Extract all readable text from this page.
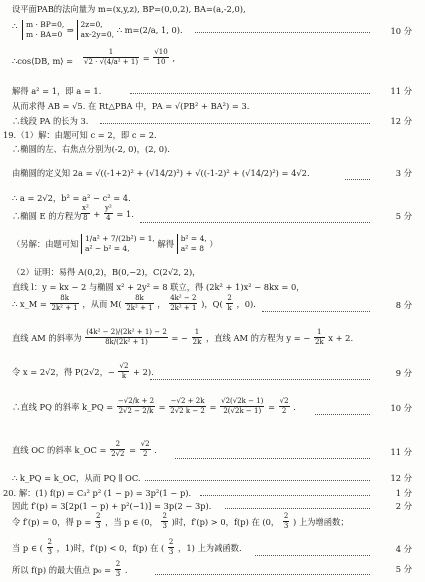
设平面PAB的法向量为 m=(x,y,z), BP=(0,0,2), BA=(a,-2,0),
∴ m · BP=0,
m · BA=0 ⇒
2z=0,
ax-2y=0, ∴ m=(2/a, 1, 0).	10 分
∴cos⟨DB, m⟩ = $\frac{1}{\text{√2 · √(4/a² + 1)}} = \frac{√10}{10}$ ,
解得 a² = 1，即 a = 1.	11 分
从而求得 AB = √5. 在 Rt△PBA 中，PA = √(PB² + BA²) = 3.
∴线段 PA 的长为 3.	12 分
19.（1）解：由题可知 c = 2，即 c = 2.
∴椭圆的左、右焦点分别为(-2, 0)，(2, 0).
由椭圆的定义知 2a = √((-1+2)² + (√14/2)²) + √((-1-2)² + (√14/2)²) = 4√2.	3 分
∴ a = 2√2，b² = a² − c² = 4.
∴椭圆 E 的方程为 $\frac{\text{x²}}{8} + \frac{\text{y²}}{4} = 1$.	5 分
（另解：由题可知
1/a² + 7/(2b²) = 1,
a² − b² = 4,	解得
b² = 4,
a² = 8 ）
（2）证明：易得 A(0,2)，B(0,−2)，C(2√2, 2)，
直线 l：y = kx − 2 与椭圆 x² + 2y² = 8 联立，得 (2k² + 1)x² − 8kx = 0，
∴ x_M = $\frac{8k}{\text{2k² + 1}}$ ，从而 $M( \frac{8k}{\text{2k² + 1}}$ ， $\frac{\text{4k² − 2}}{\text{2k² + 1}}$ )，$Q( \frac{2}{k}$ ，0).	8 分
直线 AM 的斜率为 $\frac{\text{(4k² − 2)/(2k² + 1) − 2}}{\text{8k/(2k² + 1)}}$ = − $\frac{1}{2k}$ ，直线 AM 的方程为 y = − $\frac{1}{2k}$ x + 2.
令 x = 2√2，得 P(2√2，− $\frac{√2}{k} + 2$).	9 分
∴直线 PQ 的斜率 k_PQ = $\frac{-√2/k + 2}{2√2 - 2/k} = \frac{-√2 + 2k}{2√2 k - 2} = \frac{√2(√2k - 1)}{2(√2k - 1)} = \frac{√2}{2}$ .	10 分
直线 OC 的斜率 k_OC = $\frac{2}{2√2} = \frac{√2}{2}$ .	11 分
∴ k_PQ = k_OC，从而 PQ ∥ OC.	12 分
20. 解：(1) f(p) = C₃² p² (1 − p) = 3p²(1 − p).	1 分
因此 f′(p) = 3[2p(1 − p) + p²(−1)] = 3p(2 − 3p).	2 分
令 f′(p) = 0，得 $p = \frac{2}{3}$ ，当 p ∈ (0， $\frac{2}{3}$ )时，f′(p) > 0，f(p) 在 (0， $\frac{2}{3}$ ) 上为增函数；
当 p ∈ ( $\frac{2}{3}$ ，1)时，f′(p) < 0，f(p) 在 ( $\frac{2}{3}$ ，1) 上为减函数.	4 分
所以 f(p) 的最大值点 $p_0 = \frac{2}{3}$ .	5 分
